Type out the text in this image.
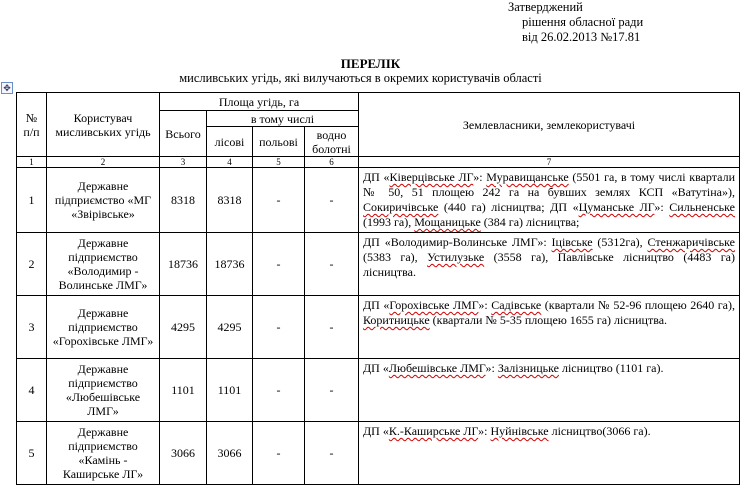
Затверджений
рішення обласної ради
від 26.02.2013 №17.81
ПЕРЕЛІК
мисливських угідь, які вилучаються в окремих користувачів області
✥
№ п/п	Користувач мисливських угідь	Площа угідь, га				Землевласники, землекористувачі
		Всього	в тому числі			
			лісові	польові	водно болотні	
1	2	3	4	5	6	7
1	Державне підприємство «МГ «Звірівське»	8318	8318	-	-	ДП «Ківерцівське ЛГ»: Муравищанське (5501 га, в тому числі квартали № 50, 51 площею 242 га на бувших землях КСП «Ватутіна»), Сокиричівське (440 га) лісництва; ДП «Цуманське ЛГ»: Сильненське (1993 га), Мощаницьке (384 га) лісництва;
2	Державне підприємство «Володимир - Волинське ЛМГ»	18736	18736	-	-	ДП «Володимир-Волинське ЛМГ»: Іцівське (5312га), Стенжаричівське (5383 га), Устилузьке (3558 га), Павлівське лісництво (4483 га) лісництва.
3	Державне підприємство «Горохівське ЛМГ»	4295	4295	-	-	ДП «Горохівське ЛМГ»: Садівське (квартали № 52-96 площею 2640 га), Коритницьке (квартали № 5-35 площею 1655 га) лісництва.
4	Державне підприємство «Любешівське ЛМГ»	1101	1101	-	-	ДП «Любешівське ЛМГ»: Залізницьке лісництво (1101 га).
5	Державне підприємство «Камінь - Каширське ЛГ»	3066	3066	-	-	ДП «К.-Каширське ЛГ»: Нуйнівське лісництво(3066 га).
